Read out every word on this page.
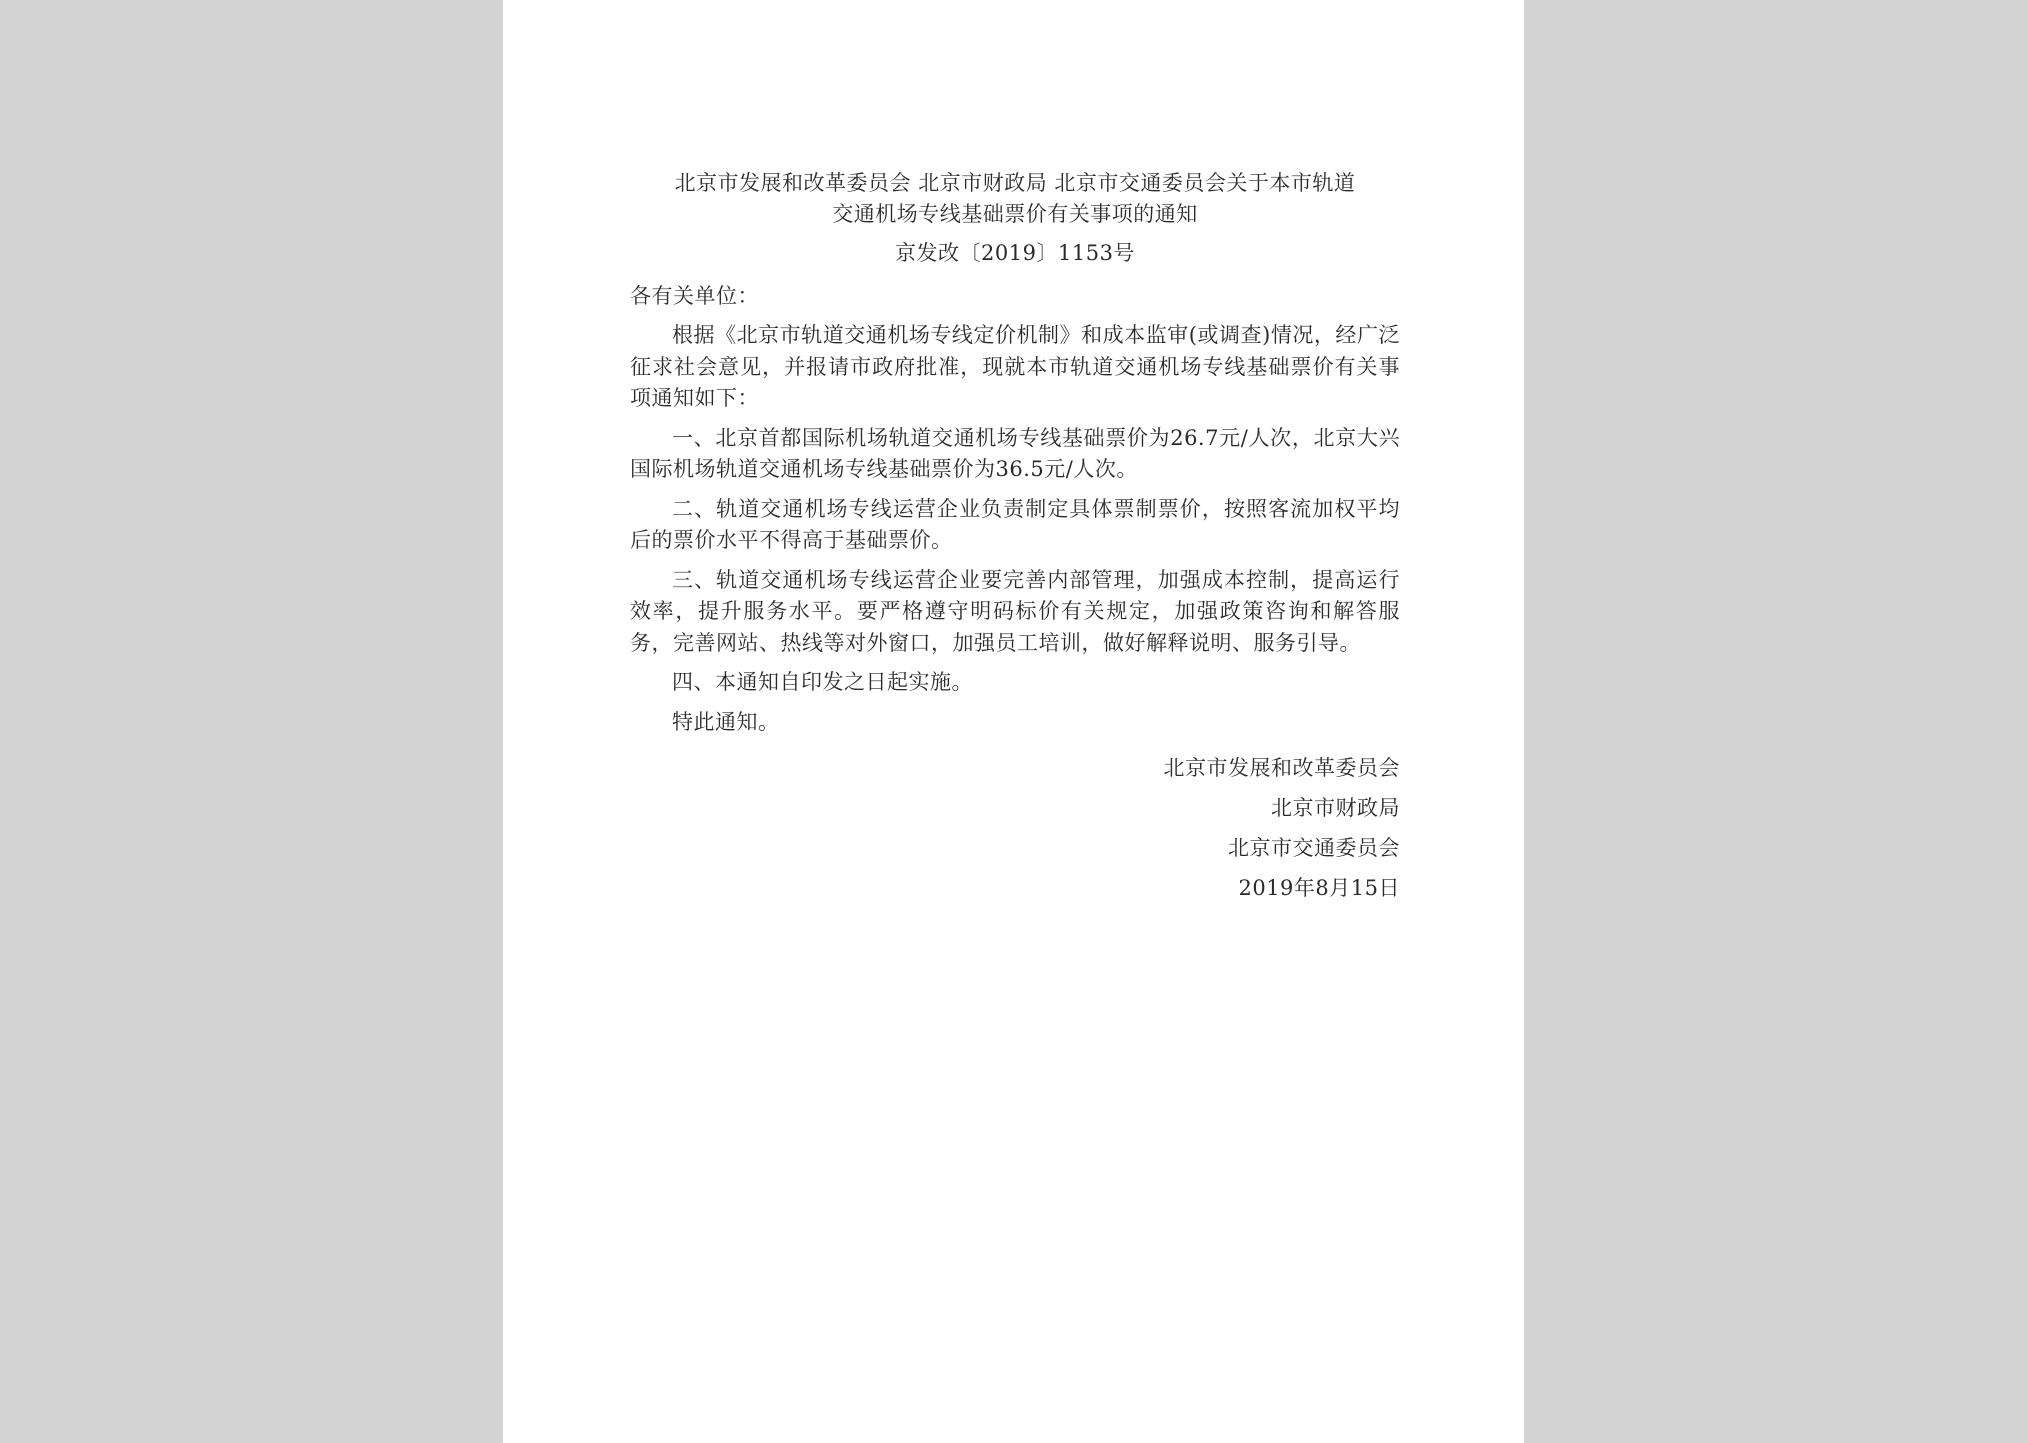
北京市发展和改革委员会 北京市财政局 北京市交通委员会关于本市轨道
交通机场专线基础票价有关事项的通知
京发改〔2019〕1153号
各有关单位：
根据《北京市轨道交通机场专线定价机制》和成本监审(或调查)情况，经广泛征求社会意见，并报请市政府批准，现就本市轨道交通机场专线基础票价有关事项通知如下：
一、北京首都国际机场轨道交通机场专线基础票价为26.7元/人次，北京大兴国际机场轨道交通机场专线基础票价为36.5元/人次。
二、轨道交通机场专线运营企业负责制定具体票制票价，按照客流加权平均后的票价水平不得高于基础票价。
三、轨道交通机场专线运营企业要完善内部管理，加强成本控制，提高运行效率，提升服务水平。要严格遵守明码标价有关规定，加强政策咨询和解答服务，完善网站、热线等对外窗口，加强员工培训，做好解释说明、服务引导。
四、本通知自印发之日起实施。
特此通知。
北京市发展和改革委员会
北京市财政局
北京市交通委员会
2019年8月15日
